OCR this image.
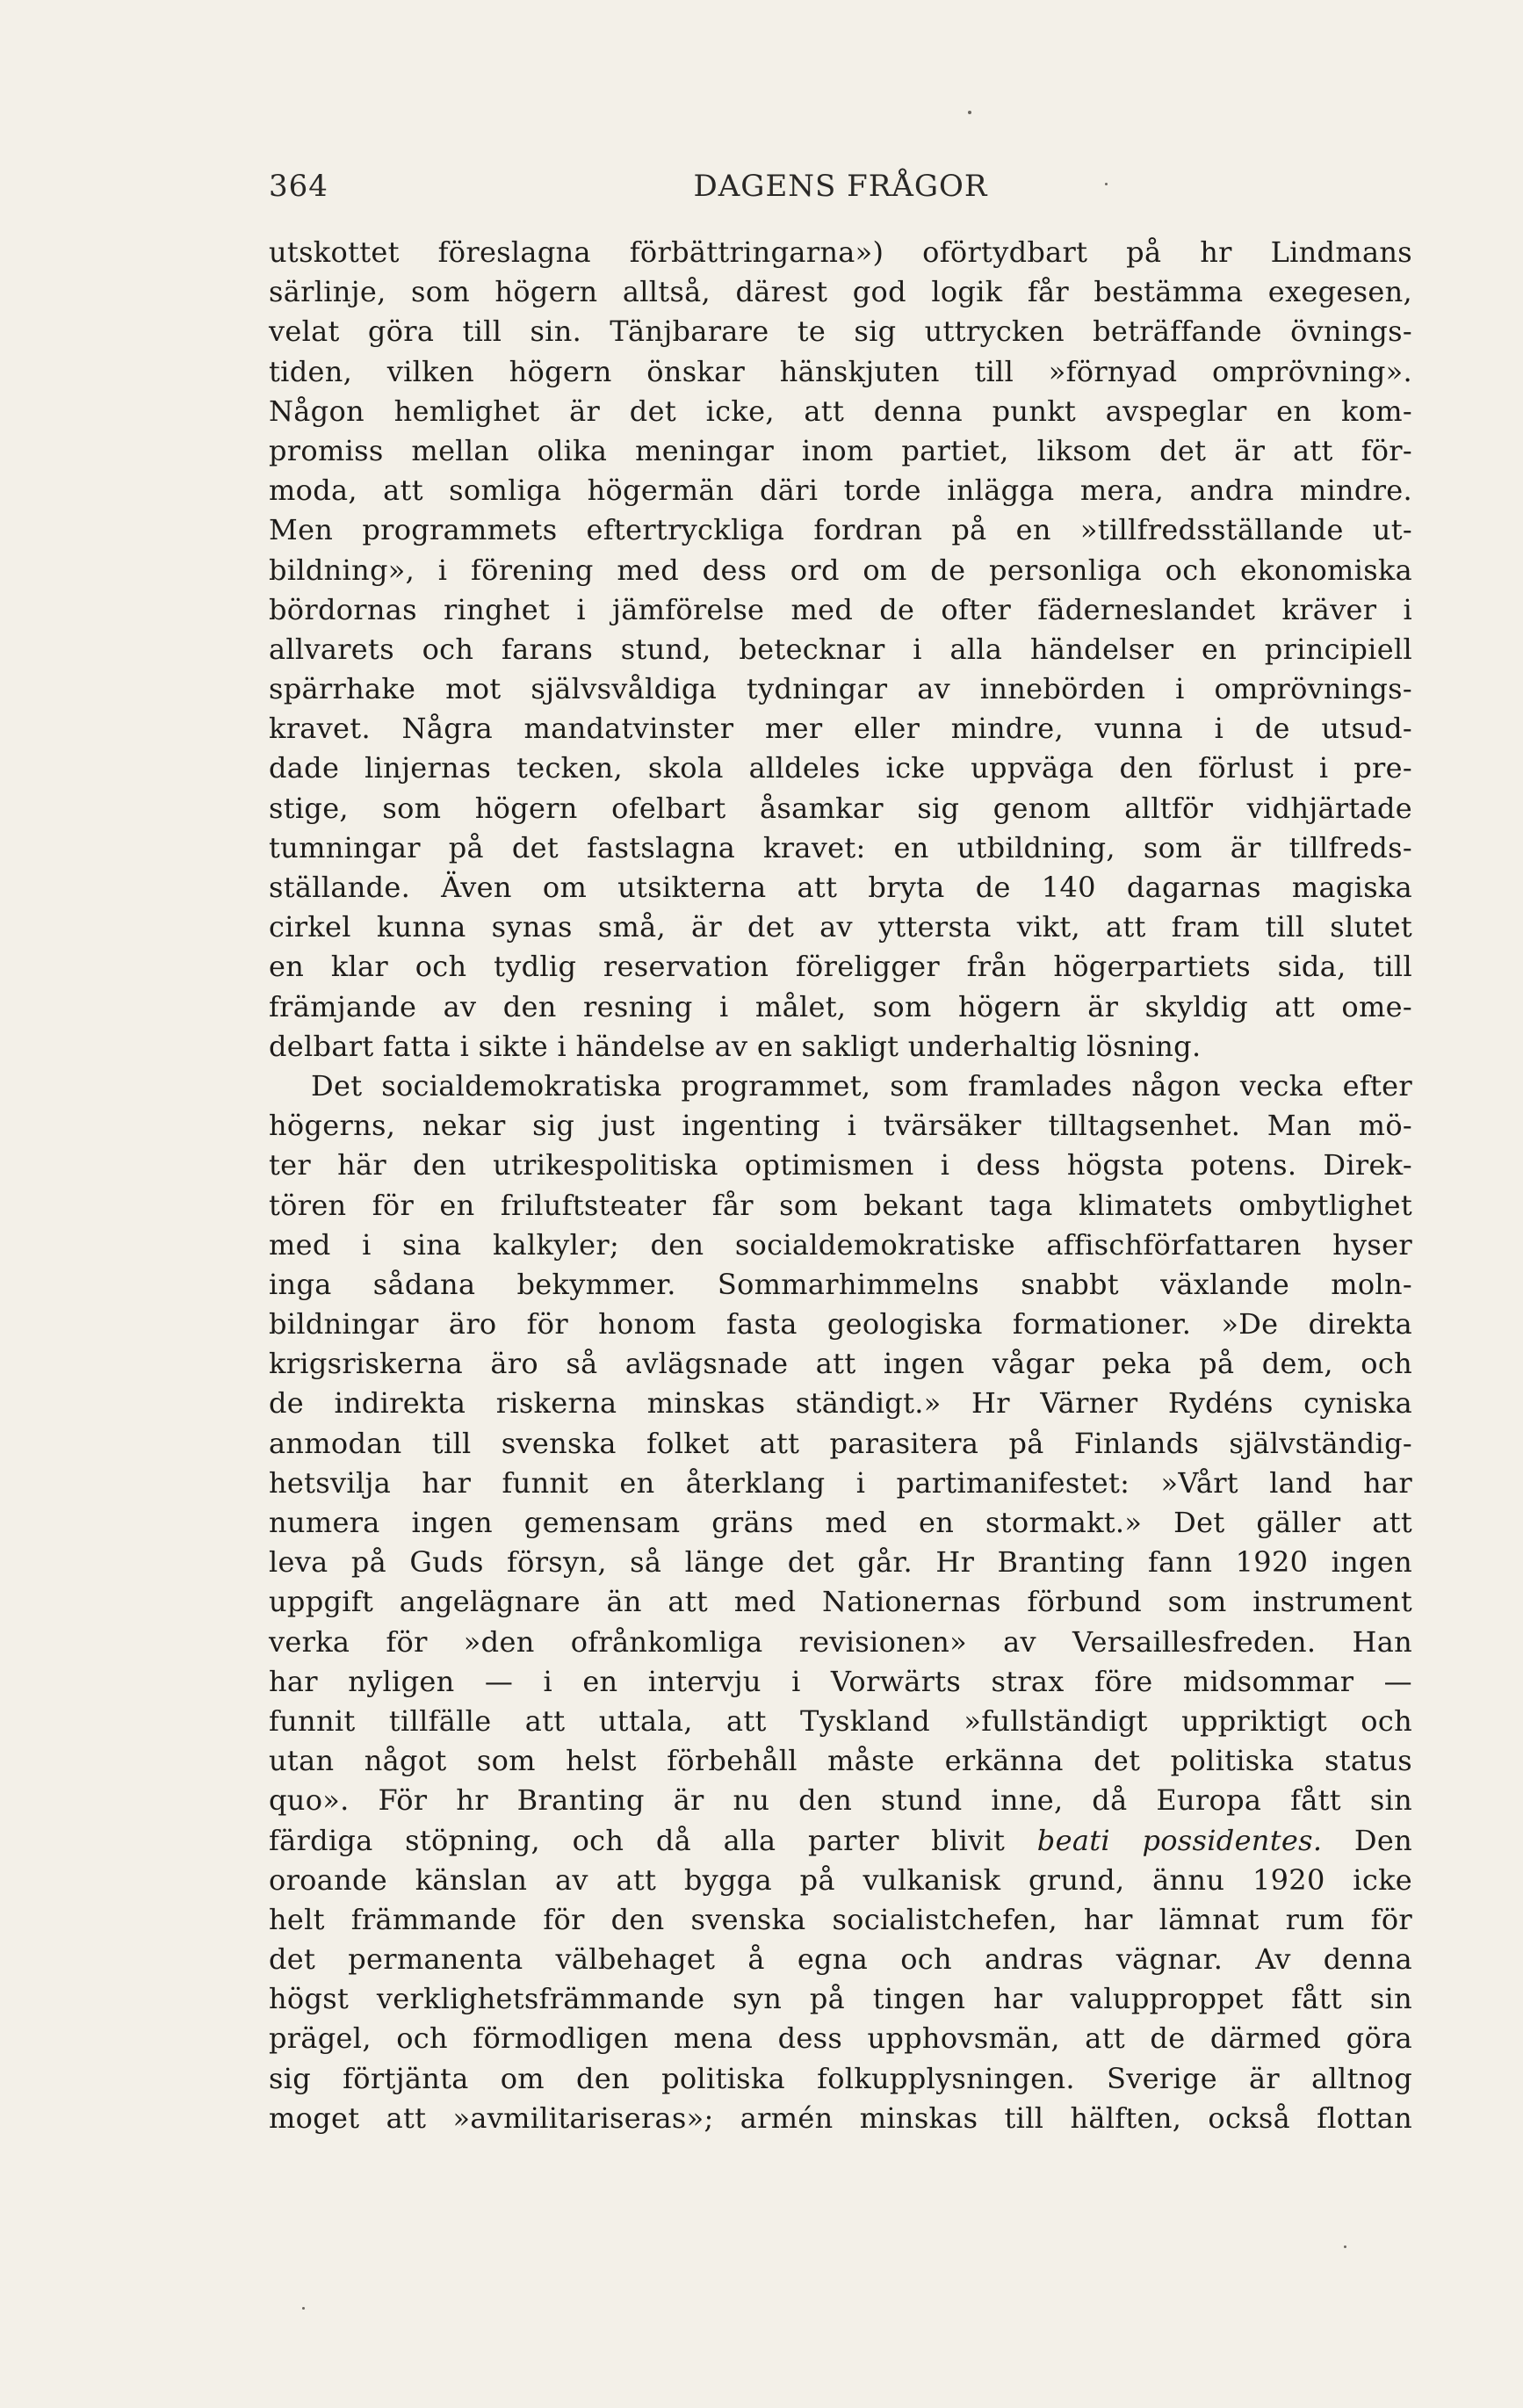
364	DAGENS FRÅGOR
utskottet föreslagna förbättringarna») oförtydbart på hr Lindmans
särlinje, som högern alltså, därest god logik får bestämma exegesen,
velat göra till sin. Tänjbarare te sig uttrycken beträffande övnings-
tiden, vilken högern önskar hänskjuten till »förnyad omprövning».
Någon hemlighet är det icke, att denna punkt avspeglar en kom-
promiss mellan olika meningar inom partiet, liksom det är att för-
moda, att somliga högermän däri torde inlägga mera, andra mindre.
Men programmets eftertryckliga fordran på en »tillfredsställande ut-
bildning», i förening med dess ord om de personliga och ekonomiska
bördornas ringhet i jämförelse med de ofter fäderneslandet kräver i
allvarets och farans stund, betecknar i alla händelser en principiell
spärrhake mot självsvåldiga tydningar av innebörden i omprövnings-
kravet. Några mandatvinster mer eller mindre, vunna i de utsud-
dade linjernas tecken, skola alldeles icke uppväga den förlust i pre-
stige, som högern ofelbart åsamkar sig genom alltför vidhjärtade
tumningar på det fastslagna kravet: en utbildning, som är tillfreds-
ställande. Även om utsikterna att bryta de 140 dagarnas magiska
cirkel kunna synas små, är det av yttersta vikt, att fram till slutet
en klar och tydlig reservation föreligger från högerpartiets sida, till
främjande av den resning i målet, som högern är skyldig att ome-
delbart fatta i sikte i händelse av en sakligt underhaltig lösning.
Det socialdemokratiska programmet, som framlades någon vecka efter
högerns, nekar sig just ingenting i tvärsäker tilltagsenhet. Man mö-
ter här den utrikespolitiska optimismen i dess högsta potens. Direk-
tören för en friluftsteater får som bekant taga klimatets ombytlighet
med i sina kalkyler; den socialdemokratiske affischförfattaren hyser
inga sådana bekymmer. Sommarhimmelns snabbt växlande moln-
bildningar äro för honom fasta geologiska formationer. »De direkta
krigsriskerna äro så avlägsnade att ingen vågar peka på dem, och
de indirekta riskerna minskas ständigt.» Hr Värner Rydéns cyniska
anmodan till svenska folket att parasitera på Finlands självständig-
hetsvilja har funnit en återklang i partimanifestet: »Vårt land har
numera ingen gemensam gräns med en stormakt.» Det gäller att
leva på Guds försyn, så länge det går. Hr Branting fann 1920 ingen
uppgift angelägnare än att med Nationernas förbund som instrument
verka för »den ofrånkomliga revisionen» av Versaillesfreden. Han
har nyligen — i en intervju i Vorwärts strax före midsommar —
funnit tillfälle att uttala, att Tyskland »fullständigt uppriktigt och
utan något som helst förbehåll måste erkänna det politiska status
quo». För hr Branting är nu den stund inne, då Europa fått sin
färdiga stöpning, och då alla parter blivit beati possidentes. Den
oroande känslan av att bygga på vulkanisk grund, ännu 1920 icke
helt främmande för den svenska socialistchefen, har lämnat rum för
det permanenta välbehaget å egna och andras vägnar. Av denna
högst verklighetsfrämmande syn på tingen har valupproppet fått sin
prägel, och förmodligen mena dess upphovsmän, att de därmed göra
sig förtjänta om den politiska folkupplysningen. Sverige är alltnog
moget att »avmilitariseras»; armén minskas till hälften, också flottan
